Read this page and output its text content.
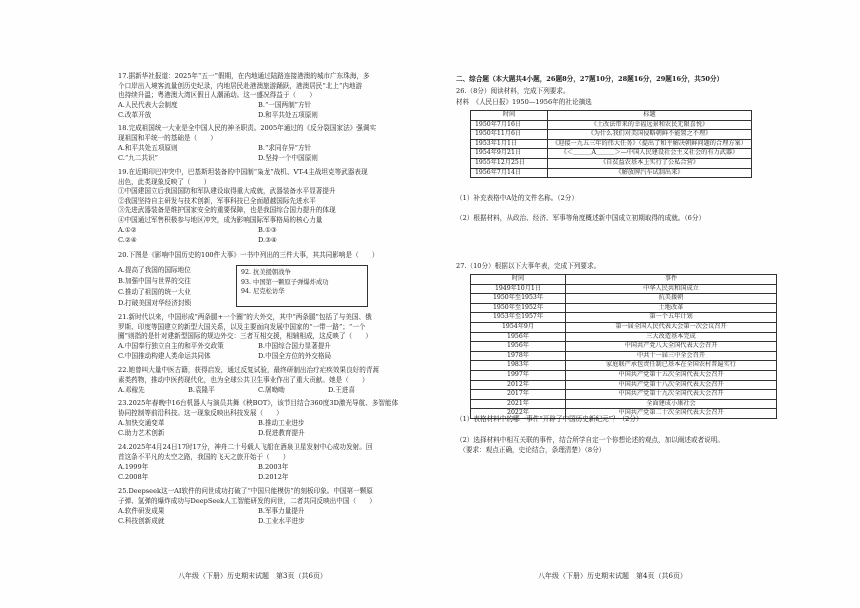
17.据新华社报道：2025年“五一”假期，在内地通过陆路连接港澳的城市广东珠海，多
个口岸出入境客流量创历史纪录，内地居民赴港澳旅游踊跃，港澳居民“北上”内地游
也持续升温；粤港澳大湾区假日人潮涌动。这一盛况得益于（　　）
A.人民代表大会制度	B.“一国两制”方针
C.改革开放	D.和平共处五项原则
18.完成祖国统一大业是全中国人民的神圣职责。2005年通过的《反分裂国家法》强调实
现祖国和平统一的基础是（　　）
A.和平共处五项原则	B.“求同存异”方针
C.“九二共识”	D.坚持一个中国原则
19.在近期印巴冲突中，巴基斯坦装备的中国制“枭龙”战机、VT-4主战坦克等武器表现
出色，此类现象反映了（　　）
①中国建国立后我国国防和军队建设取得重大成就，武器装备水平显著提升
②我国坚持自主研发与技术创新，军事科技已全面超越国际先进水平
③先进武器装备是维护国家安全的重要保障，也是我国综合国力提升的体现
④中国通过军售积极参与地区冲突，成为影响国际军事格局的核心力量
A.①②	B.①③
C.②④	D.③④
20.下图是《影响中国历史的100件大事》一书中列出的三件大事，其共同影响是（　　）
A.提高了我国的国际地位
B.加强中国与世界的交往
C.推动了祖国的统一大业
D.打破美国对华经济封锁
92. 抗美援朝战争
93. 中国第一颗原子弹爆炸成功
94. 尼克松访华
21.新时代以来，中国形成“两条腿+一个圈”的大外交，其中“两条腿”包括了与美国、俄
罗斯、印度等国建立的新型大国关系，以及主要面向发展中国家的“一带一路”；“一个
圈”则指的是针对建新型国际的规边外交：三者互相交援，相辅相成，这反映了（　　）
A.中国奉行独立自主的和平外交政策	B.中国综合国力显著提升
C.中国推动构建人类命运共同体	D.中国全方位的外交格局
22.她曾叫大量中医古籍，获得启发，通过反复试验，最终研制出治疗疟疾效果良好的青蒿
素类药物，推动中医药现代化，也为全球公共卫生事业作出了重大贡献。她是（　　）
A.邓稼先	B.袁隆平	C.屠呦呦	D.王进喜
23.2025年春晚中16台机器人与演员共舞《秧BOT》，该节目结合360度3D激光导航、多智能体
协同控制等前沿科技。这一现象反映出科技发展（　　）
A.加快交通变革	B.推动工业进步
C.助力艺术创新	D.促进教育提升
24.2025年4月24日17时17分，神舟二十号载人飞船在酒泉卫星发射中心成功发射。回
首这条不平凡的太空之路，我国的飞天之旅开始于（　　）
A.1999年	B.2003年
C.2008年	D.2012年
25.Deepseek这一AI软件的问世成功打破了“中国只能模仿”的刻板印象。中国第一颗原
子弹、氢弹的爆炸成功与DeepSeek人工智能研发的问世，二者共同反映出中国（　　）
A.软件研发成果	B.军事力量提升
C.科技创新成就	D.工业水平进步
八年级（下册）历史期末试题　第3页（共6页）
二、综合题（本大题共4小题，26题8分，27题10分，28题16分，29题16分，共50分）
26.（8分）阅读材料，完成下列要求。
材料　《人民日报》1950—1956年的社论摘选
时间	标题
1950年7月16日	《土改法带来的幸福远景和农民无限喜悦》
1950年11月6日	《为什么我们对美国侵略朝鲜不能置之不理》
1953年1月1日	《迎接一九五三年的伟大任务》（提出了和平解决朝鲜问题的合理方案）
1954年9月21日	《＜＿＿＿A＿＿＿＞—中国人民建设社会主义社会的有力武器》
1955年12月25日	《自贫益农基本上实行了公私合营》
1956年7月14日	《解放牌汽车试制出来》
（1）补充表格中A处的文件名称。（2分）
（2）根据材料，从政治、经济、军事等角度概述新中国成立初期取得的成就。（6分）
27.（10分）根据以下大事年表，完成下列要求。
时间	事件
1949年10月1日	中华人民共和国成立
1950年至1953年	抗美援朝
1950年至1952年	土地改革
1953年至1957年	第一个五年计划
1954年9月	第一届全国人民代表大会第一次会议召开
1956年	三大改造基本完成
1956年	中国共产党八大全国代表大会召开
1978年	中共十一届三中全会召开
1983年	家庭联产承包责任制已基本在全国农村普遍实行
1997年	中国共产党第十五次全国代表大会召开
2012年	中国共产党第十八次全国代表大会召开
2017年	中国共产党第十九次全国代表大会召开
2021年	全面建成小康社会
2022年	中国共产党第二十次全国代表大会召开
（1）表格材料中的哪一事件“开辟了中国历史新纪元”？（2分）
（2）选择材料中相互关联的事件，结合所学自定一个你想论述的观点，加以阐述或者说明。
　（要求：观点正确，史论结合，条理清楚）（8分）
八年级（下册）历史期末试题　第4页（共6页）
